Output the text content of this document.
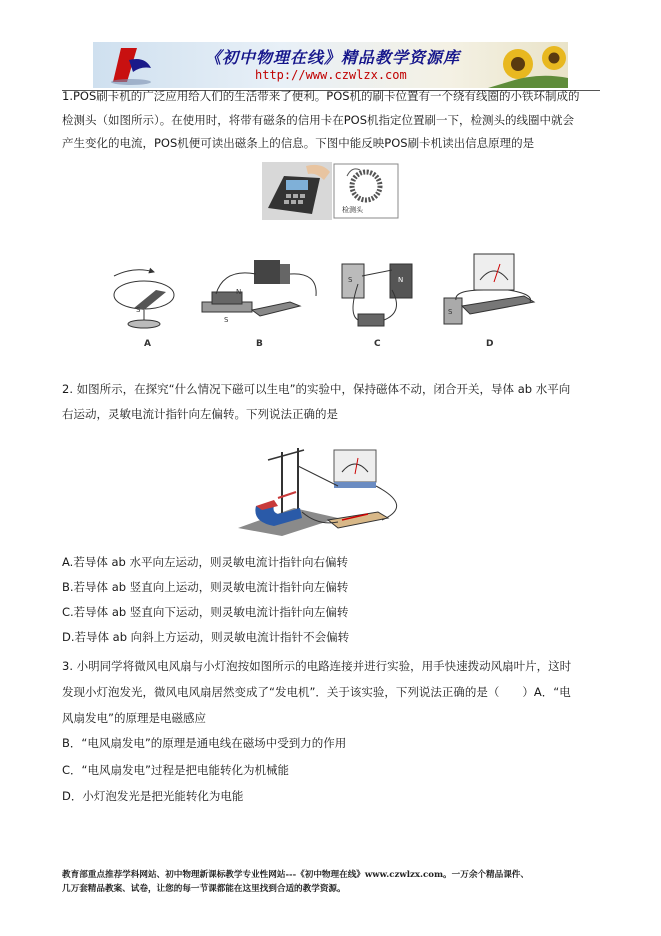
《初中物理在线》精品教学资源库
http://www.czwlzx.com
1.POS刷卡机的广泛应用给人们的生活带来了便利。POS机的刷卡位置有一个绕有线圈的小铁环制成的
检测头（如图所示）。在使用时，将带有磁条的信用卡在POS机指定位置刷一下，检测头的线圈中就会
产生变化的电流，POS机便可读出磁条上的信息。下图中能反映POS刷卡机读出信息原理的是
检测头
S
S
N
S	N
S
A	B	C	D
2. 如图所示，在探究“什么情况下磁可以生电”的实验中，保持磁体不动，闭合开关，导体 ab 水平向
右运动，灵敏电流计指针向左偏转。下列说法正确的是
A.若导体 ab 水平向左运动，则灵敏电流计指针向右偏转
B.若导体 ab 竖直向上运动，则灵敏电流计指针向左偏转
C.若导体 ab 竖直向下运动，则灵敏电流计指针向左偏转
D.若导体 ab 向斜上方运动，则灵敏电流计指针不会偏转
3. 小明同学将微风电风扇与小灯泡按如图所示的电路连接并进行实验，用手快速拨动风扇叶片，这时
发现小灯泡发光，微风电风扇居然变成了“发电机”．关于该实验，下列说法正确的是（　　）A．“电
风扇发电”的原理是电磁感应
B．“电风扇发电”的原理是通电线在磁场中受到力的作用
C．“电风扇发电”过程是把电能转化为机械能
D．小灯泡发光是把光能转化为电能
教育部重点推荐学科网站、初中物理新课标教学专业性网站---《初中物理在线》www.czwlzx.com。一万余个精品课件、
几万套精品教案、试卷，让您的每一节课都能在这里找到合适的教学资源。
